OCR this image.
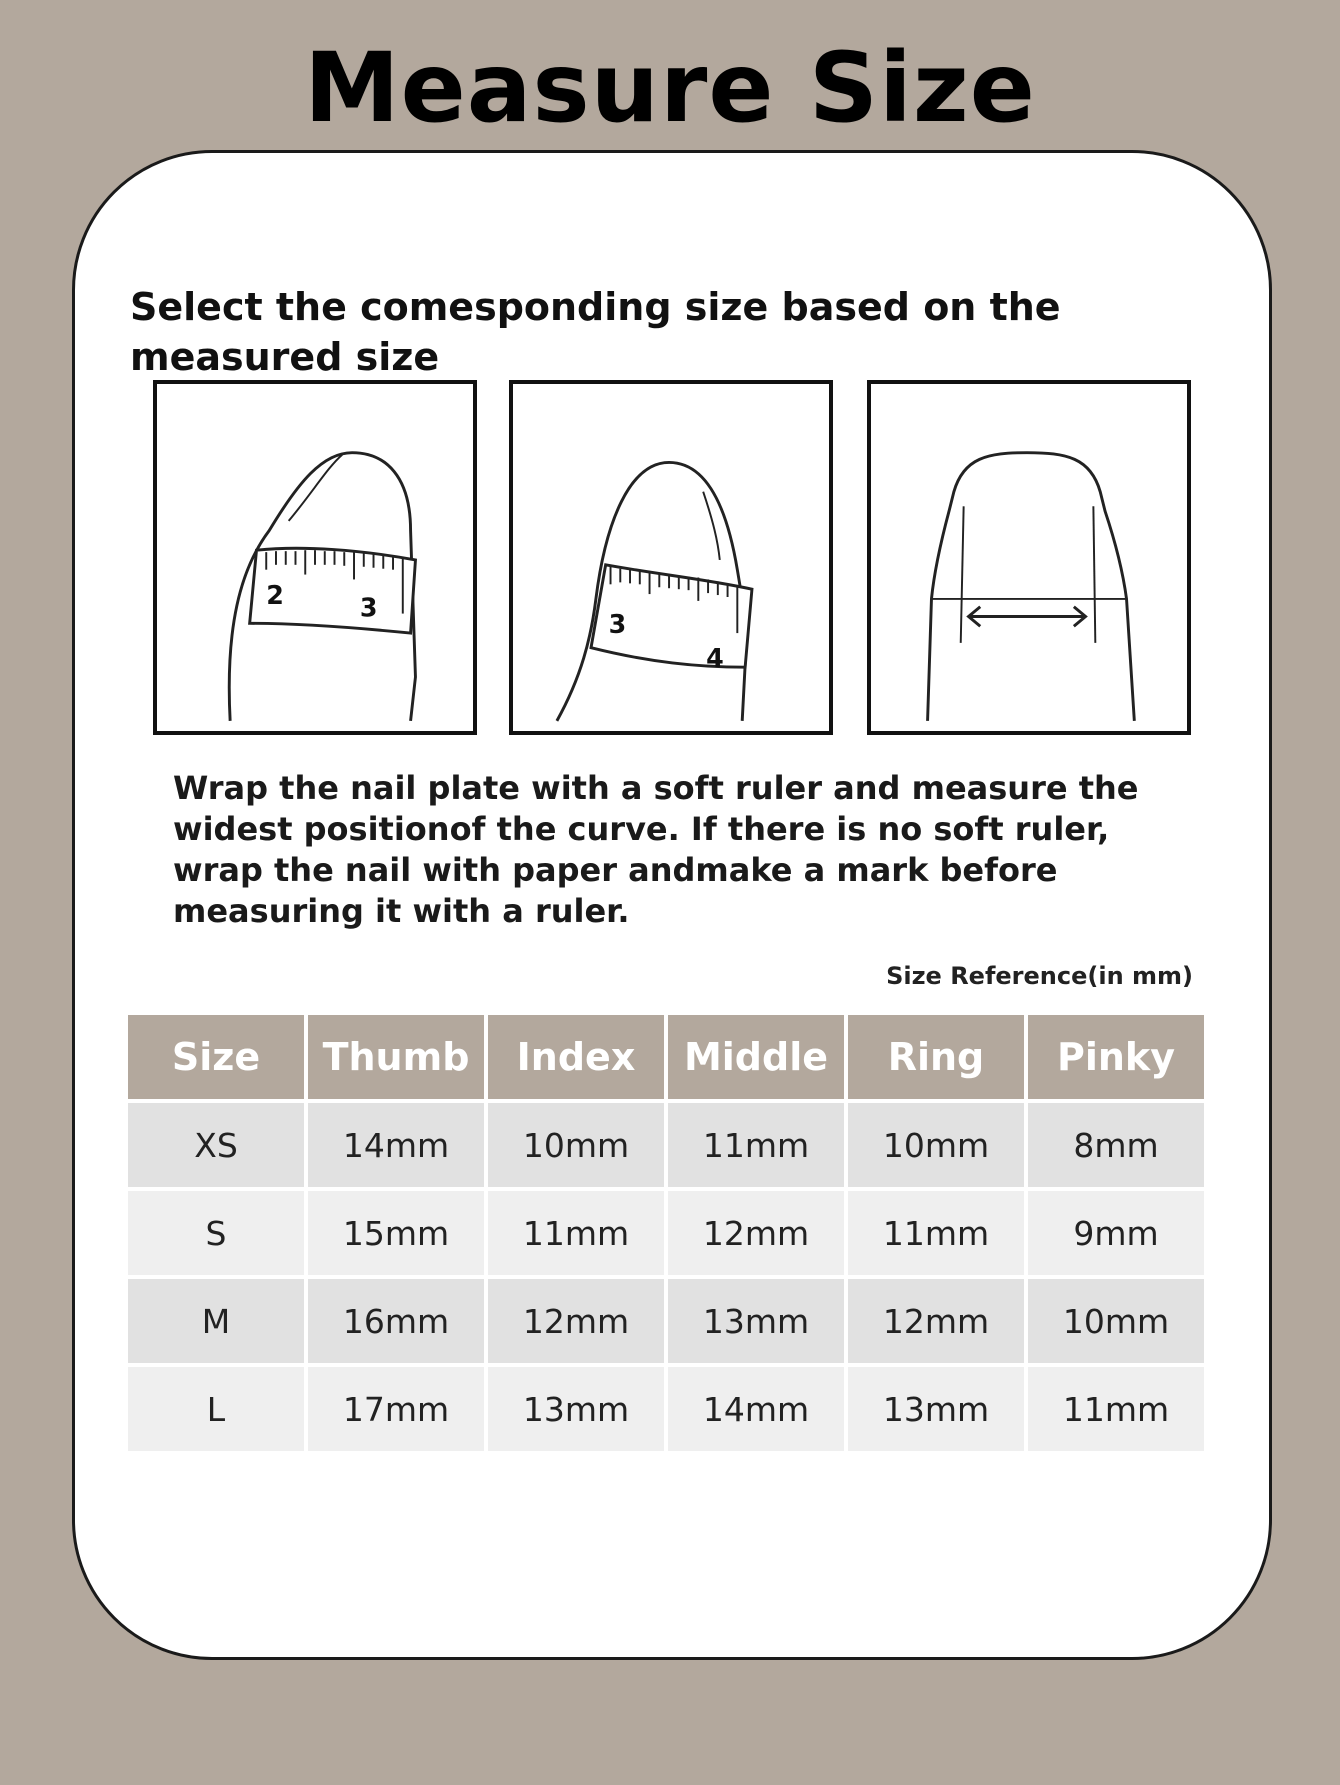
Measure Size
Select the comesponding size based on the measured size
2	3
3
4
Wrap the nail plate with a soft ruler and measure the widest positionof the curve. If there is no soft ruler, wrap the nail with paper andmake a mark before measuring it with a ruler.
Size Reference(in mm)
Size	Thumb	Index	Middle	Ring	Pinky
XS	14mm	10mm	11mm	10mm	8mm
S	15mm	11mm	12mm	11mm	9mm
M	16mm	12mm	13mm	12mm	10mm
L	17mm	13mm	14mm	13mm	11mm
